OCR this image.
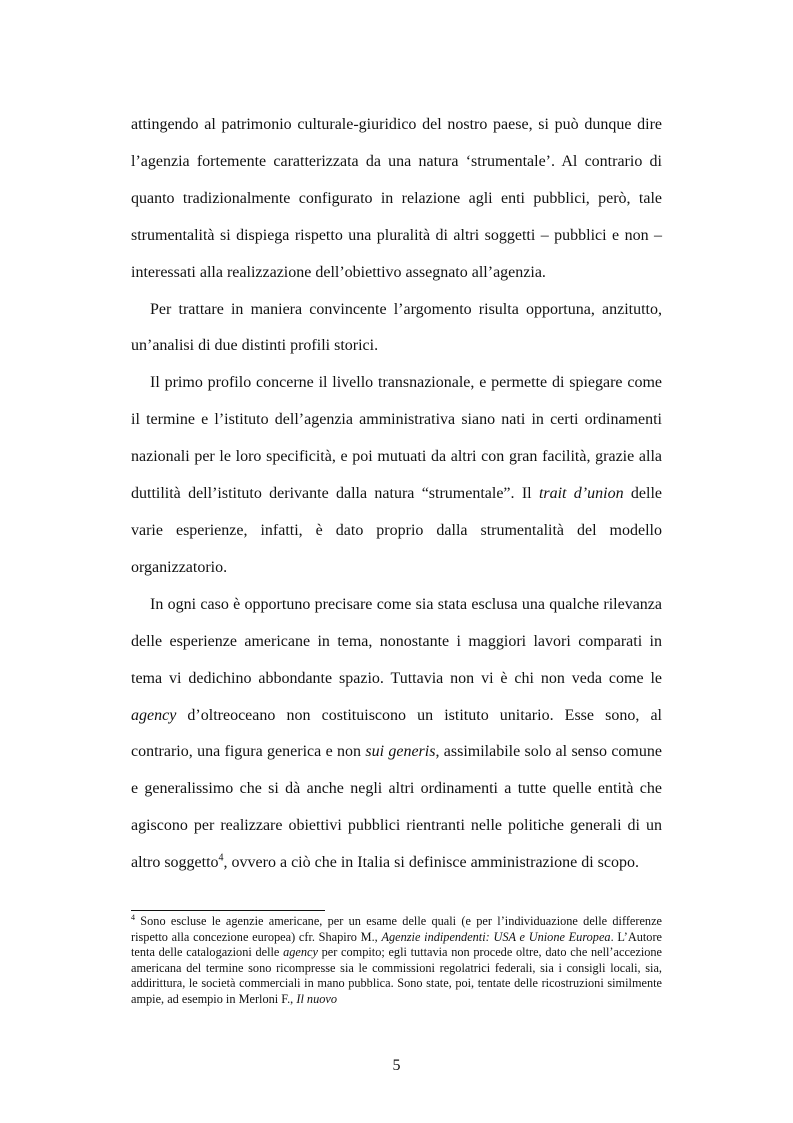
attingendo al patrimonio culturale-giuridico del nostro paese, si può dunque dire l’agenzia fortemente caratterizzata da una natura ‘strumentale’. Al contrario di quanto tradizionalmente configurato in relazione agli enti pubblici, però, tale strumentalità si dispiega rispetto una pluralità di altri soggetti – pubblici e non – interessati alla realizzazione dell’obiettivo assegnato all’agenzia.

Per trattare in maniera convincente l’argomento risulta opportuna, anzitutto, un’analisi di due distinti profili storici.

Il primo profilo concerne il livello transnazionale, e permette di spiegare come il termine e l’istituto dell’agenzia amministrativa siano nati in certi ordinamenti nazionali per le loro specificità, e poi mutuati da altri con gran facilità, grazie alla duttilità dell’istituto derivante dalla natura “strumentale”. Il trait d’union delle varie esperienze, infatti, è dato proprio dalla strumentalità del modello organizzatorio.

In ogni caso è opportuno precisare come sia stata esclusa una qualche rilevanza delle esperienze americane in tema, nonostante i maggiori lavori comparati in tema vi dedichino abbondante spazio. Tuttavia non vi è chi non veda come le agency d’oltreoceano non costituiscono un istituto unitario. Esse sono, al contrario, una figura generica e non sui generis, assimilabile solo al senso comune e generalissimo che si dà anche negli altri ordinamenti a tutte quelle entità che agiscono per realizzare obiettivi pubblici rientranti nelle politiche generali di un altro soggetto$^4$, ovvero a ciò che in Italia si definisce amministrazione di scopo.

$^4$ Sono escluse le agenzie americane, per un esame delle quali (e per l’individuazione delle differenze rispetto alla concezione europea) cfr. Shapiro M., Agenzie indipendenti: USA e Unione Europea. L’Autore tenta delle catalogazioni delle agency per compito; egli tuttavia non procede oltre, dato che nell’accezione americana del termine sono ricompresse sia le commissioni regolatrici federali, sia i consigli locali, sia, addirittura, le società commerciali in mano pubblica. Sono state, poi, tentate delle ricostruzioni similmente ampie, ad esempio in Merloni F., Il nuovo
5
